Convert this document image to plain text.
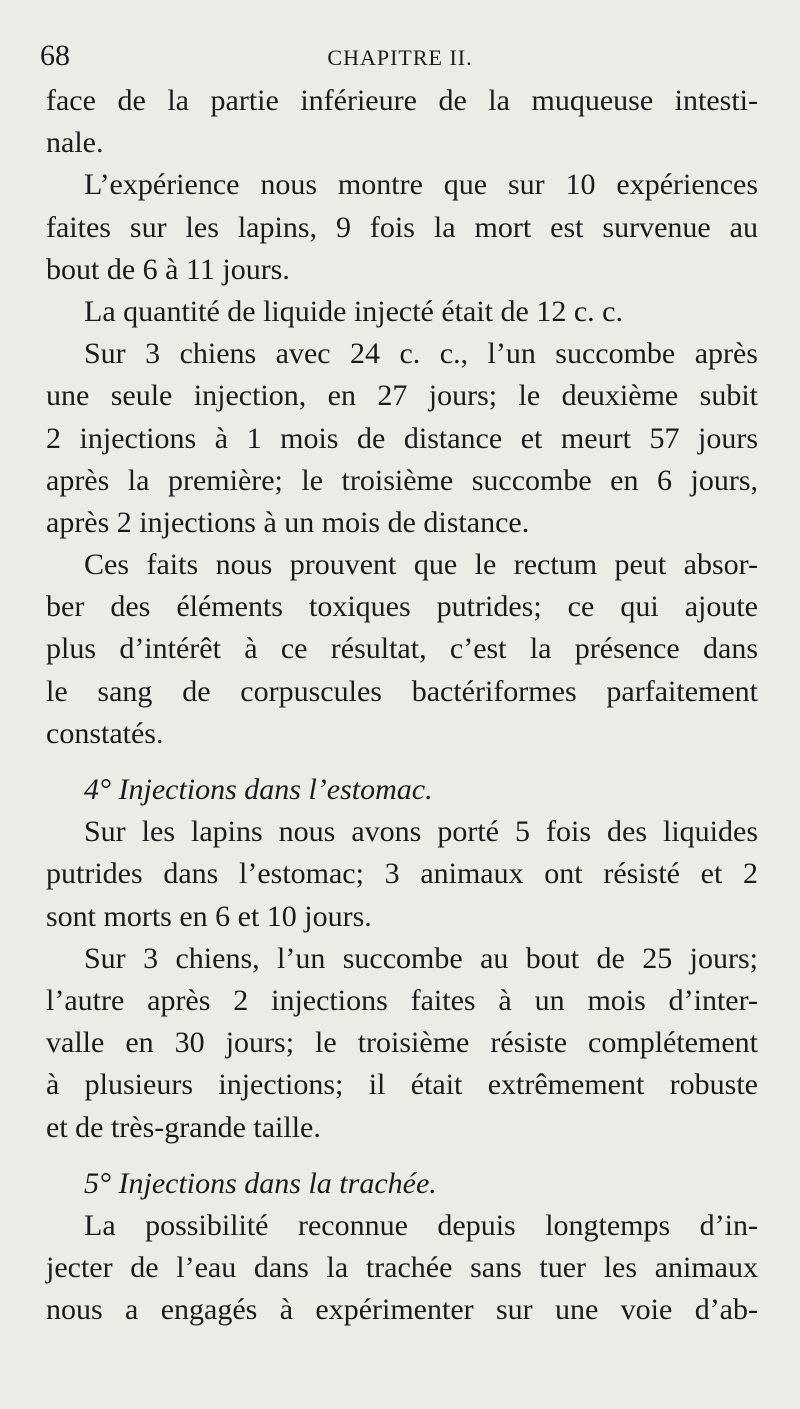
68	CHAPITRE II.
face de la partie inférieure de la muqueuse intesti-
nale.
L’expérience nous montre que sur 10 expériences
faites sur les lapins, 9 fois la mort est survenue au
bout de 6 à 11 jours.
La quantité de liquide injecté était de 12 c. c.
Sur 3 chiens avec 24 c. c., l’un succombe après
une seule injection, en 27 jours; le deuxième subit
2 injections à 1 mois de distance et meurt 57 jours
après la première; le troisième succombe en 6 jours,
après 2 injections à un mois de distance.
Ces faits nous prouvent que le rectum peut absor-
ber des éléments toxiques putrides; ce qui ajoute
plus d’intérêt à ce résultat, c’est la présence dans
le sang de corpuscules bactériformes parfaitement
constatés.
4° Injections dans l’estomac.
Sur les lapins nous avons porté 5 fois des liquides
putrides dans l’estomac; 3 animaux ont résisté et 2
sont morts en 6 et 10 jours.
Sur 3 chiens, l’un succombe au bout de 25 jours;
l’autre après 2 injections faites à un mois d’inter-
valle en 30 jours; le troisième résiste complétement
à plusieurs injections; il était extrêmement robuste
et de très-grande taille.
5° Injections dans la trachée.
La possibilité reconnue depuis longtemps d’in-
jecter de l’eau dans la trachée sans tuer les animaux
nous a engagés à expérimenter sur une voie d’ab-
